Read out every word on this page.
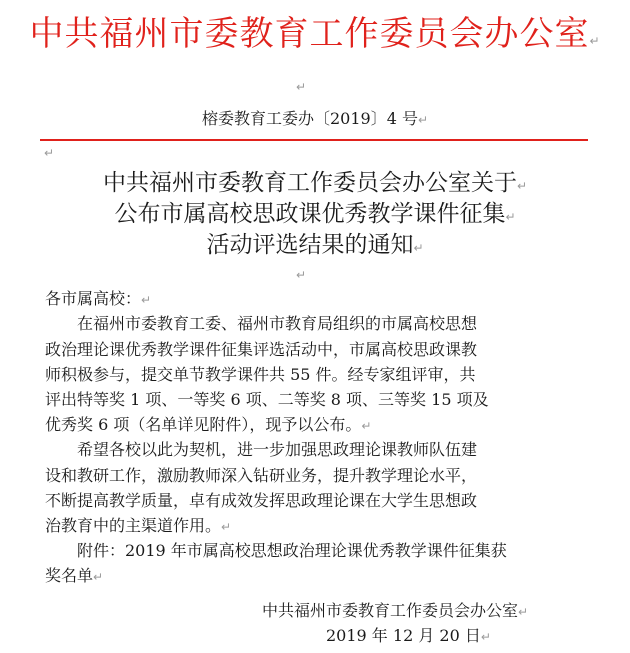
中共福州市委教育工作委员会办公室↵
↵
榕委教育工委办〔2019〕4 号↵
↵
中共福州市委教育工作委员会办公室关于↵
公布市属高校思政课优秀教学课件征集↵
活动评选结果的通知↵
↵
各市属高校：↵
在福州市委教育工委、福州市教育局组织的市属高校思想
政治理论课优秀教学课件征集评选活动中，市属高校思政课教
师积极参与，提交单节教学课件共 55 件。经专家组评审，共
评出特等奖 1 项、一等奖 6 项、二等奖 8 项、三等奖 15 项及
优秀奖 6 项（名单详见附件），现予以公布。↵
希望各校以此为契机，进一步加强思政理论课教师队伍建
设和教研工作，激励教师深入钻研业务，提升教学理论水平，
不断提高教学质量，卓有成效发挥思政理论课在大学生思想政
治教育中的主渠道作用。↵
附件：2019 年市属高校思想政治理论课优秀教学课件征集获
奖名单↵
中共福州市委教育工作委员会办公室↵
2019 年 12 月 20 日↵
